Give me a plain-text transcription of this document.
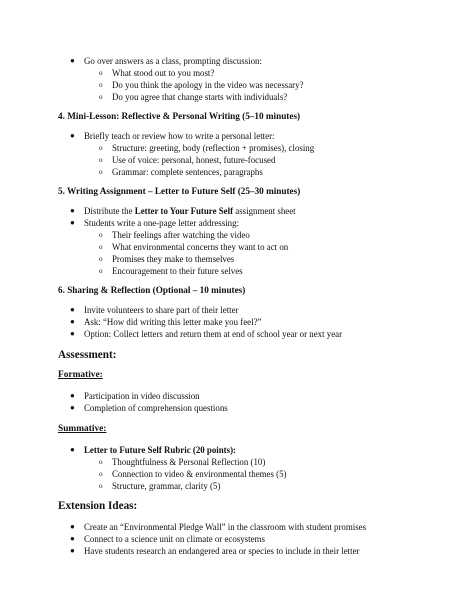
● Go over answers as a class, prompting discussion:
o What stood out to you most?
o Do you think the apology in the video was necessary?
o Do you agree that change starts with individuals?
4. Mini-Lesson: Reflective & Personal Writing (5–10 minutes)
● Briefly teach or review how to write a personal letter:
o Structure: greeting, body (reflection + promises), closing
o Use of voice: personal, honest, future-focused
o Grammar: complete sentences, paragraphs
5. Writing Assignment – Letter to Future Self (25–30 minutes)
● Distribute the Letter to Your Future Self assignment sheet
● Students write a one-page letter addressing:
o Their feelings after watching the video
o What environmental concerns they want to act on
o Promises they make to themselves
o Encouragement to their future selves
6. Sharing & Reflection (Optional – 10 minutes)
● Invite volunteers to share part of their letter
● Ask: “How did writing this letter make you feel?”
● Option: Collect letters and return them at end of school year or next year
Assessment:
Formative:
● Participation in video discussion
● Completion of comprehension questions
Summative:
● Letter to Future Self Rubric (20 points):
o Thoughtfulness & Personal Reflection (10)
o Connection to video & environmental themes (5)
o Structure, grammar, clarity (5)
Extension Ideas:
● Create an “Environmental Pledge Wall” in the classroom with student promises
● Connect to a science unit on climate or ecosystems
● Have students research an endangered area or species to include in their letter
